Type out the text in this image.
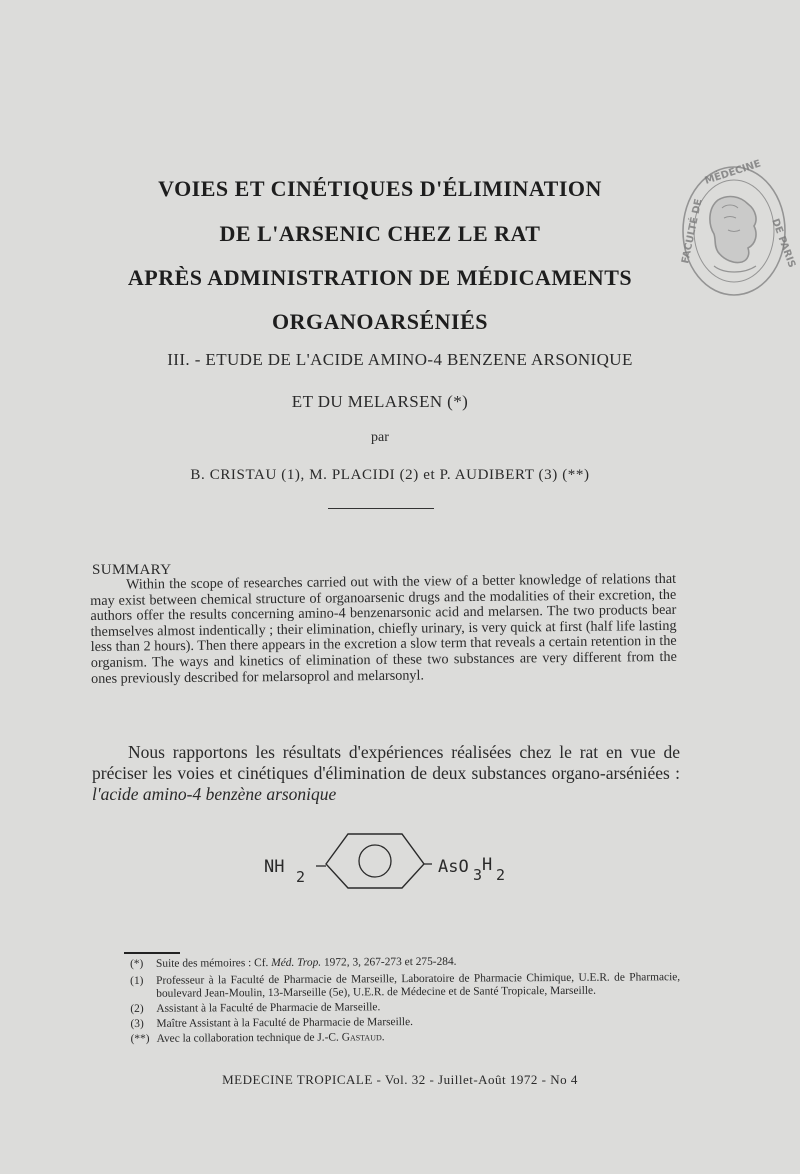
VOIES ET CINÉTIQUES D'ÉLIMINATION
DE L'ARSENIC CHEZ LE RAT
APRÈS ADMINISTRATION DE MÉDICAMENTS
ORGANOARSÉNIÉS
III. - ETUDE DE L'ACIDE AMINO-4 BENZENE ARSONIQUE
ET DU MELARSEN (*)
par
B. CRISTAU (1), M. PLACIDI (2) et P. AUDIBERT (3) (**)
SUMMARY
Within the scope of researches carried out with the view of a better knowledge of relations that may exist between chemical structure of organoarsenic drugs and the modalities of their excretion, the authors offer the results concerning amino-4 benzenarsonic acid and melarsen. The two products bear themselves almost indentically ; their elimination, chiefly urinary, is very quick at first (half life lasting less than 2 hours). Then there appears in the excretion a slow term that reveals a certain retention in the organism. The ways and kinetics of elimination of these two substances are very different from the ones previously described for melarsoprol and melarsonyl.
Nous rapportons les résultats d'expériences réalisées chez le rat en vue de préciser les voies et cinétiques d'élimination de deux substances organo-arséniées : l'acide amino-4 benzène arsonique
NH 2	AsO 3 H 2
(*)	Suite des mémoires : Cf. Méd. Trop. 1972, 3, 267-273 et 275-284.
(1)	Professeur à la Faculté de Pharmacie de Marseille, Laboratoire de Pharmacie Chimique, U.E.R. de Pharmacie, boulevard Jean-Moulin, 13-Marseille (5e), U.E.R. de Médecine et de Santé Tropicale, Marseille.
(2)	Assistant à la Faculté de Pharmacie de Marseille.
(3)	Maître Assistant à la Faculté de Pharmacie de Marseille.
(**) Avec la collaboration technique de J.-C. Gastaud.
MEDECINE TROPICALE - Vol. 32 - Juillet-Août 1972 - No 4
MÉDECINE
DE PARIS
FACULTÉ DE
